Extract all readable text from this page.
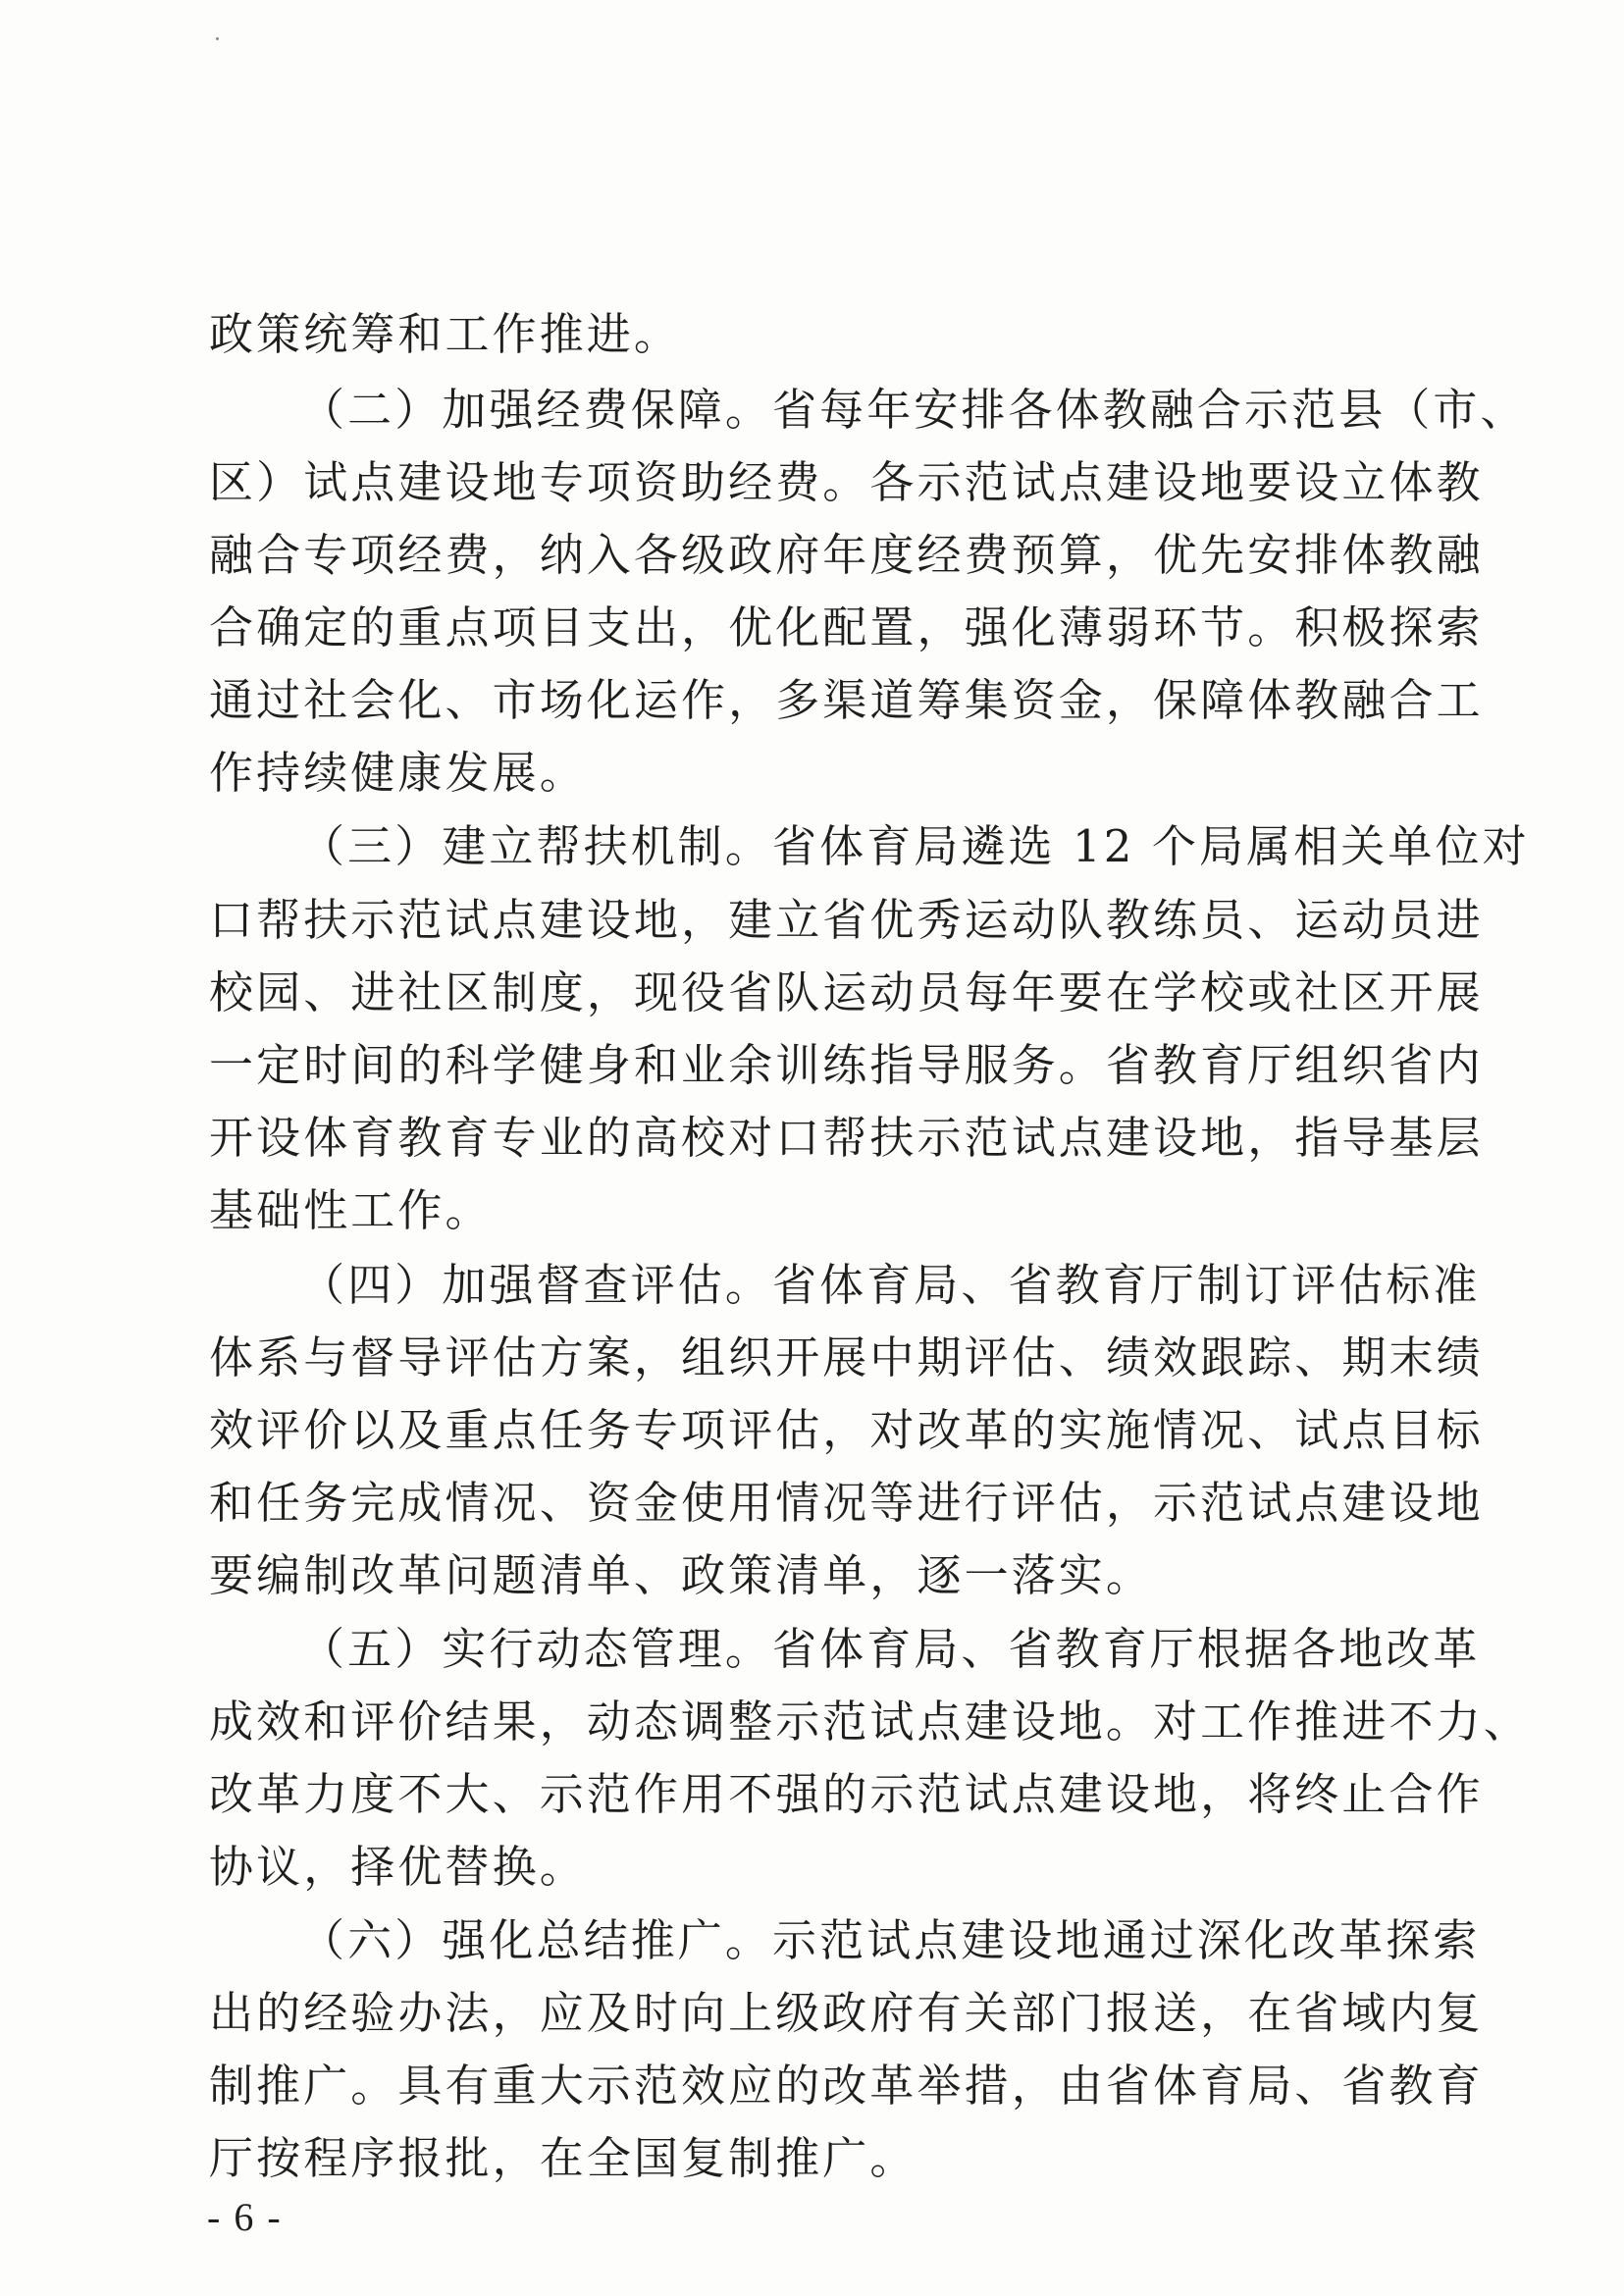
政策统筹和工作推进。
（二）加强经费保障。省每年安排各体教融合示范县（市、
区）试点建设地专项资助经费。各示范试点建设地要设立体教
融合专项经费，纳入各级政府年度经费预算，优先安排体教融
合确定的重点项目支出，优化配置，强化薄弱环节。积极探索
通过社会化、市场化运作，多渠道筹集资金，保障体教融合工
作持续健康发展。
（三）建立帮扶机制。省体育局遴选 12 个局属相关单位对
口帮扶示范试点建设地，建立省优秀运动队教练员、运动员进
校园、进社区制度，现役省队运动员每年要在学校或社区开展
一定时间的科学健身和业余训练指导服务。省教育厅组织省内
开设体育教育专业的高校对口帮扶示范试点建设地，指导基层
基础性工作。
（四）加强督查评估。省体育局、省教育厅制订评估标准
体系与督导评估方案，组织开展中期评估、绩效跟踪、期末绩
效评价以及重点任务专项评估，对改革的实施情况、试点目标
和任务完成情况、资金使用情况等进行评估，示范试点建设地
要编制改革问题清单、政策清单，逐一落实。
（五）实行动态管理。省体育局、省教育厅根据各地改革
成效和评价结果，动态调整示范试点建设地。对工作推进不力、
改革力度不大、示范作用不强的示范试点建设地，将终止合作
协议，择优替换。
（六）强化总结推广。示范试点建设地通过深化改革探索
出的经验办法，应及时向上级政府有关部门报送，在省域内复
制推广。具有重大示范效应的改革举措，由省体育局、省教育
厅按程序报批，在全国复制推广。
- 6 -
